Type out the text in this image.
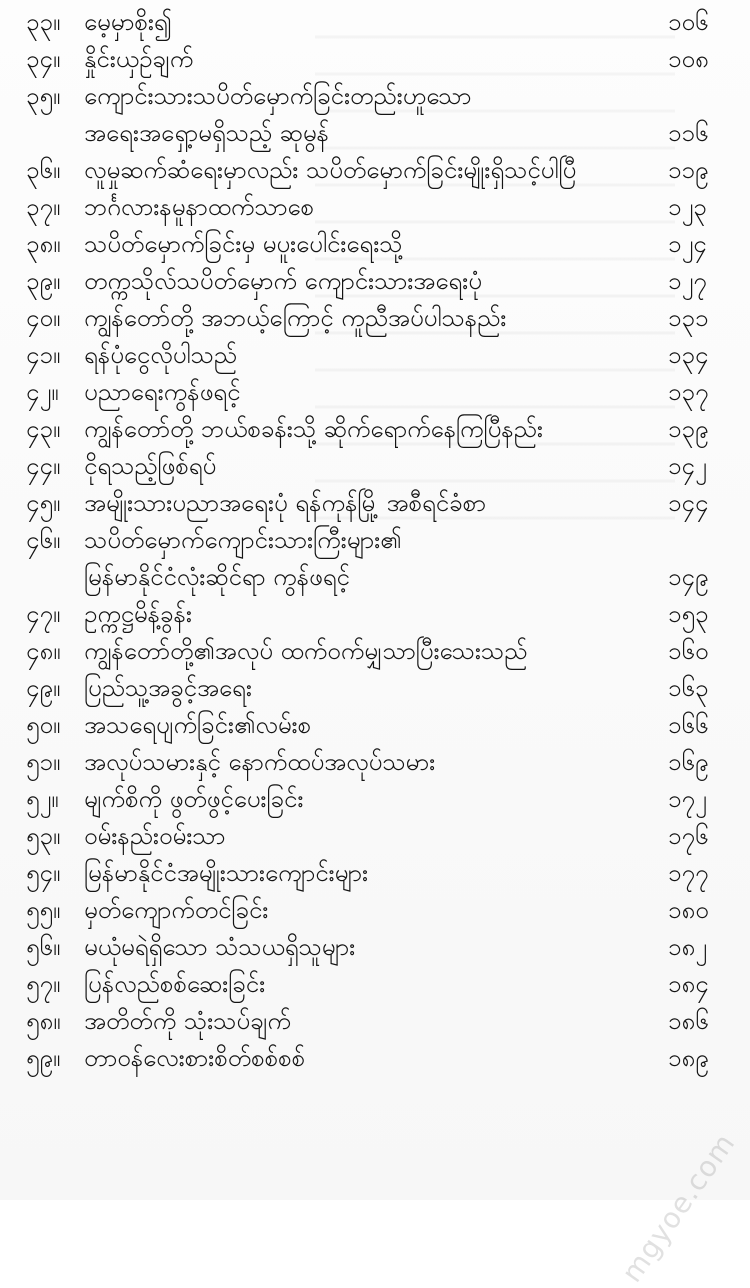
၃၃။ မေ့မှာစိုး၍	၁၀၆
၃၄။ နှိုင်းယှဉ်ချက်	၁၀၈
၃၅။ ကျောင်းသားသပိတ်မှောက်ခြင်းတည်းဟူသော
အရေးအရှေ့ာမရှိသည့် ဆုမွန်	၁၁၆
၃၆။ လူမှုဆက်ဆံရေးမှာလည်း သပိတ်မှောက်ခြင်းမျိုးရှိသင့်ပါပြီ	၁၁၉
၃၇။ ဘင်္ဂလားနမူနာထက်သာစေ	၁၂၃
၃၈။ သပိတ်မှောက်ခြင်းမှ မပူးပေါင်းရေးသို့	၁၂၄
၃၉။ တက္ကသိုလ်သပိတ်မှောက် ကျောင်းသားအရေးပုံ	၁၂၇
၄၀။ ကျွန်တော်တို့ အဘယ့်ကြောင့် ကူညီအပ်ပါသနည်း	၁၃၁
၄၁။ ရန်ပုံငွေလိုပါသည်	၁၃၄
၄၂။	ပညာရေးကွန်ဖရင့်	၁၃၇
၄၃။ ကျွန်တော်တို့ ဘယ်စခန်းသို့ ဆိုက်ရောက်နေကြပြီနည်း	၁၃၉
၄၄။ ငိုရသည့်ဖြစ်ရပ်	၁၄၂
၄၅။ အမျိုးသားပညာအရေးပုံ ရန်ကုန်မြို့ အစီရင်ခံစာ	၁၄၄
၄၆။ သပိတ်မှောက်ကျောင်းသားကြီးများ၏
မြန်မာနိုင်ငံလုံးဆိုင်ရာ ကွန်ဖရင့်	၁၄၉
၄၇။ ဥက္ကဋ္ဌမိန့်ခွန်း	၁၅၃
၄၈။ ကျွန်တော်တို့၏အလုပ် ထက်ဝက်မျှသာပြီးသေးသည်	၁၆၀
၄၉။ ပြည်သူ့အခွင့်အရေး	၁၆၃
၅၀။ အသရေပျက်ခြင်း၏လမ်းစ	၁၆၆
၅၁။ အလုပ်သမားနှင့် နောက်ထပ်အလုပ်သမား	၁၆၉
၅၂။	မျက်စိကို ဖွတ်ဖွင့်ပေးခြင်း	၁၇၂
၅၃။ ဝမ်းနည်းဝမ်းသာ	၁၇၆
၅၄။ မြန်မာနိုင်ငံအမျိုးသားကျောင်းများ	၁၇၇
၅၅။ မှတ်ကျောက်တင်ခြင်း	၁၈၀
၅၆။ မယုံမရဲရှိသော သံသယရှိသူများ	၁၈၂
၅၇။ ပြန်လည်စစ်ဆေးခြင်း	၁၈၄
၅၈။ အတိတ်ကို သုံးသပ်ချက်	၁၈၆
၅၉။ တာဝန်လေးစားစိတ်စစ်စစ်	၁၈၉
mgyoe.com
